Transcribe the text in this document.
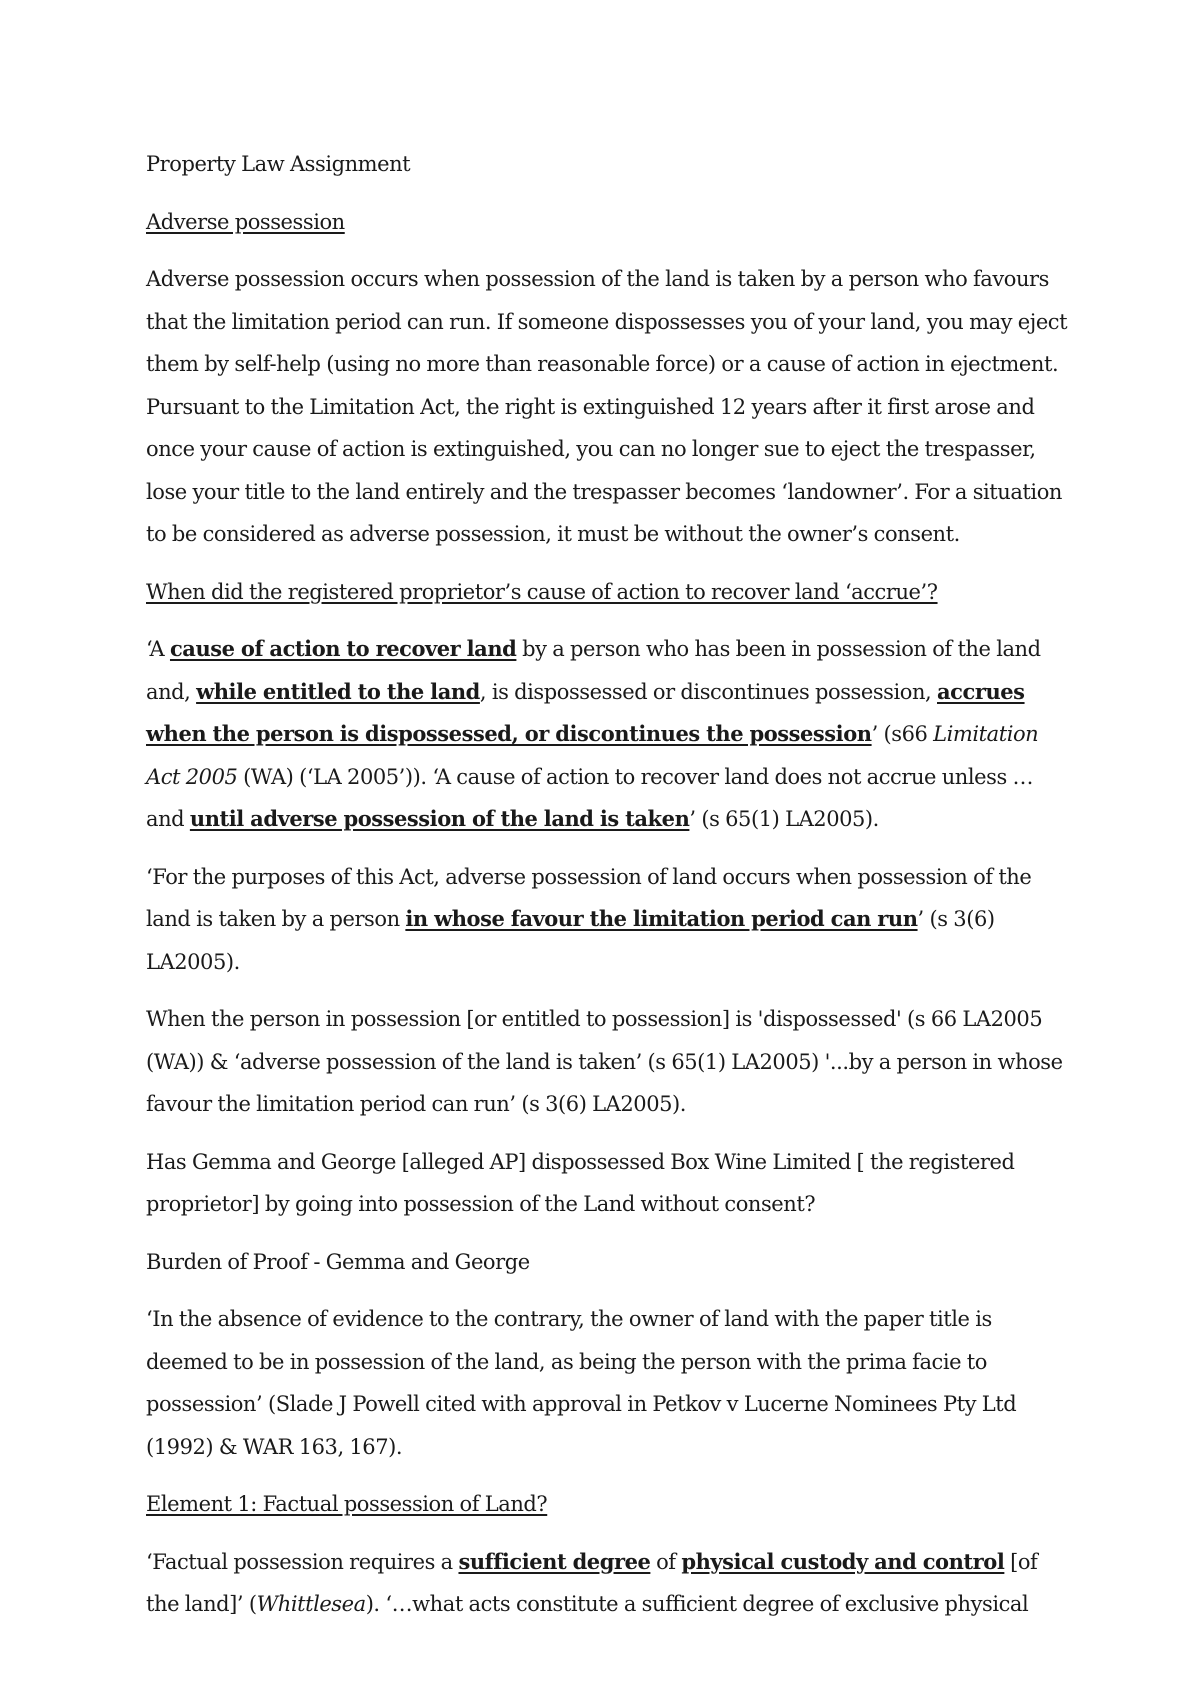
Property Law Assignment

Adverse possession

Adverse possession occurs when possession of the land is taken by a person who favours that the limitation period can run. If someone dispossesses you of your land, you may eject them by self-help (using no more than reasonable force) or a cause of action in ejectment. Pursuant to the Limitation Act, the right is extinguished 12 years after it first arose and once your cause of action is extinguished, you can no longer sue to eject the trespasser, lose your title to the land entirely and the trespasser becomes ‘landowner’. For a situation to be considered as adverse possession, it must be without the owner’s consent.

When did the registered proprietor’s cause of action to recover land ‘accrue’?

‘A cause of action to recover land by a person who has been in possession of the land and, while entitled to the land, is dispossessed or discontinues possession, accrues when the person is dispossessed, or discontinues the possession’ (s66 Limitation Act 2005 (WA) (‘LA 2005’)). ‘A cause of action to recover land does not accrue unless … and until adverse possession of the land is taken’ (s 65(1) LA2005).

‘For the purposes of this Act, adverse possession of land occurs when possession of the land is taken by a person in whose favour the limitation period can run’ (s 3(6) LA2005).

When the person in possession [or entitled to possession] is 'dispossessed' (s 66 LA2005 (WA)) & ‘adverse possession of the land is taken’ (s 65(1) LA2005) '...by a person in whose favour the limitation period can run’ (s 3(6) LA2005).

Has Gemma and George [alleged AP] dispossessed Box Wine Limited [ the registered proprietor] by going into possession of the Land without consent?

Burden of Proof - Gemma and George

‘In the absence of evidence to the contrary, the owner of land with the paper title is deemed to be in possession of the land, as being the person with the prima facie to possession’ (Slade J Powell cited with approval in Petkov v Lucerne Nominees Pty Ltd (1992) & WAR 163, 167).

Element 1: Factual possession of Land?

‘Factual possession requires a sufficient degree of physical custody and control [of the land]’ (Whittlesea). ‘…what acts constitute a sufficient degree of exclusive physical
